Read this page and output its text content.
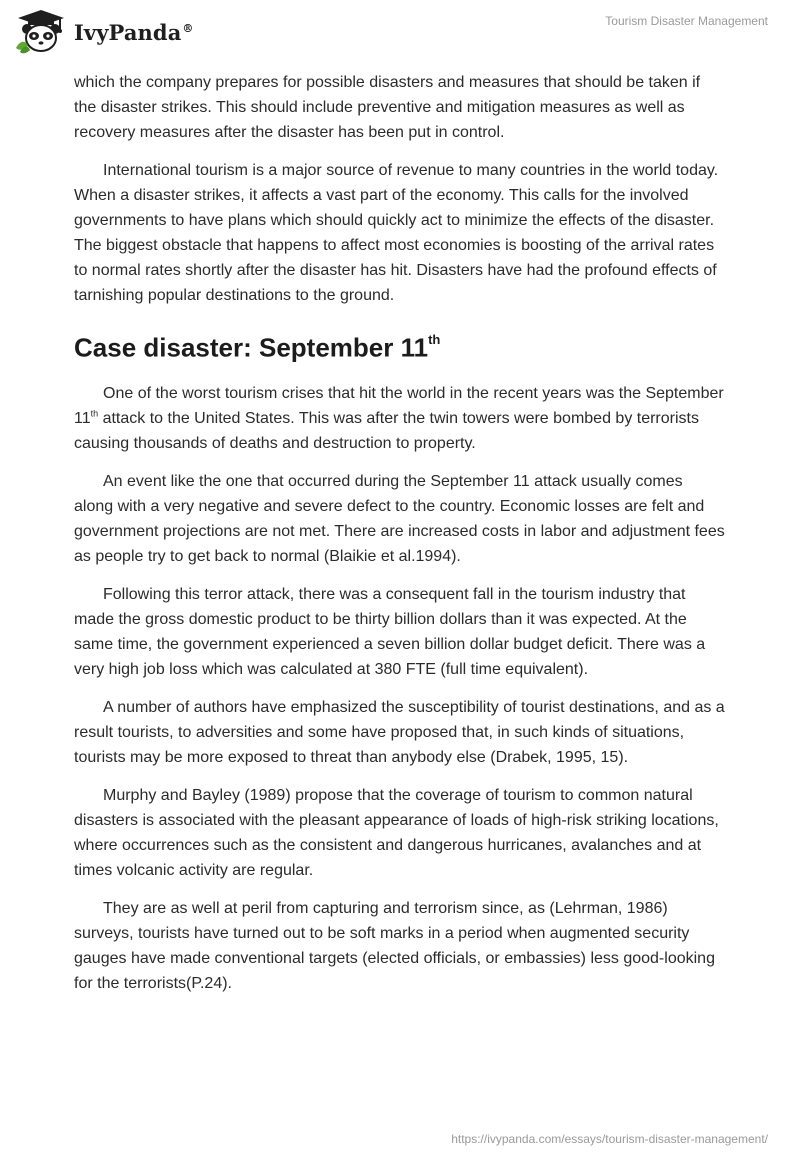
IvyPanda®	Tourism Disaster Management

which the company prepares for possible disasters and measures that should be taken if the disaster strikes. This should include preventive and mitigation measures as well as recovery measures after the disaster has been put in control.

International tourism is a major source of revenue to many countries in the world today. When a disaster strikes, it affects a vast part of the economy. This calls for the involved governments to have plans which should quickly act to minimize the effects of the disaster. The biggest obstacle that happens to affect most economies is boosting of the arrival rates to normal rates shortly after the disaster has hit. Disasters have had the profound effects of tarnishing popular destinations to the ground.

Case disaster: September 11th

One of the worst tourism crises that hit the world in the recent years was the September 11th attack to the United States. This was after the twin towers were bombed by terrorists causing thousands of deaths and destruction to property.

An event like the one that occurred during the September 11 attack usually comes along with a very negative and severe defect to the country. Economic losses are felt and government projections are not met. There are increased costs in labor and adjustment fees as people try to get back to normal (Blaikie et al.1994).

Following this terror attack, there was a consequent fall in the tourism industry that made the gross domestic product to be thirty billion dollars than it was expected. At the same time, the government experienced a seven billion dollar budget deficit. There was a very high job loss which was calculated at 380 FTE (full time equivalent).

A number of authors have emphasized the susceptibility of tourist destinations, and as a result tourists, to adversities and some have proposed that, in such kinds of situations, tourists may be more exposed to threat than anybody else (Drabek, 1995, 15).

Murphy and Bayley (1989) propose that the coverage of tourism to common natural disasters is associated with the pleasant appearance of loads of high-risk striking locations, where occurrences such as the consistent and dangerous hurricanes, avalanches and at times volcanic activity are regular.

They are as well at peril from capturing and terrorism since, as (Lehrman, 1986) surveys, tourists have turned out to be soft marks in a period when augmented security gauges have made conventional targets (elected officials, or embassies) less good-looking for the terrorists(P.24).

https://ivypanda.com/essays/tourism-disaster-management/
